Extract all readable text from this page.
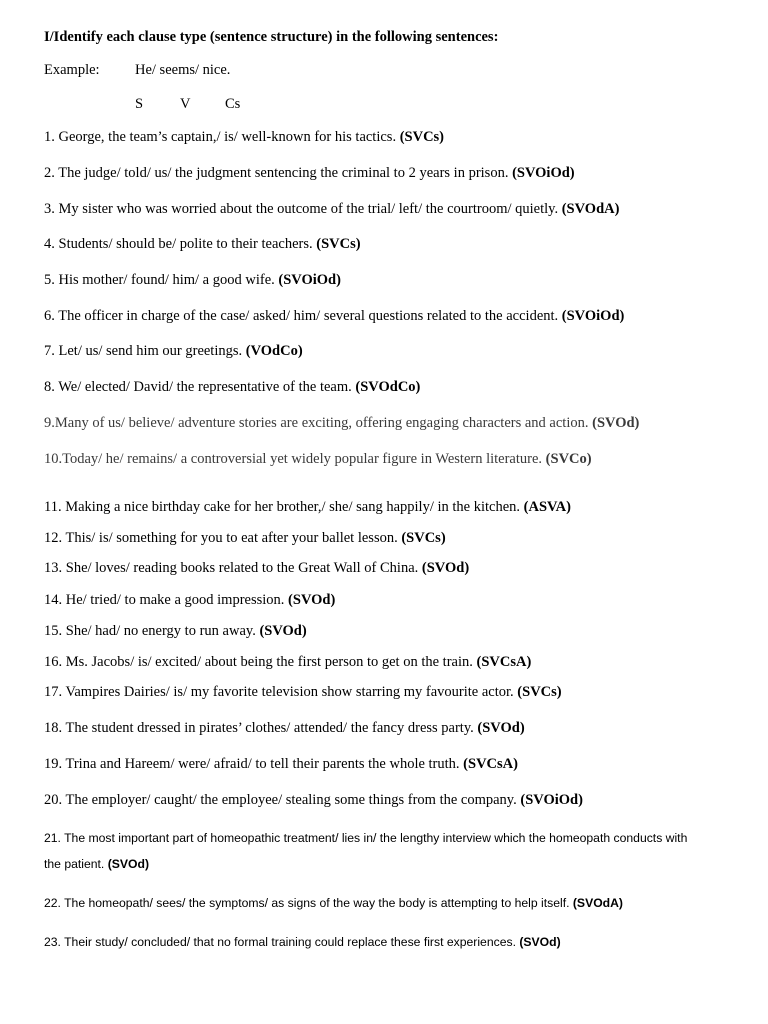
I/Identify each clause type (sentence structure) in the following sentences:
Example: He/ seems/ nice.
S	V Cs
1. George, the team’s captain,/ is/ well-known for his tactics. (SVCs)
2. The judge/ told/ us/ the judgment sentencing the criminal to 2 years in prison. (SVOiOd)
3. My sister who was worried about the outcome of the trial/ left/ the courtroom/ quietly. (SVOdA)
4. Students/ should be/ polite to their teachers. (SVCs)
5. His mother/ found/ him/ a good wife. (SVOiOd)
6. The officer in charge of the case/ asked/ him/ several questions related to the accident. (SVOiOd)
7. Let/ us/ send him our greetings. (VOdCo)
8. We/ elected/ David/ the representative of the team. (SVOdCo)
9.Many of us/ believe/ adventure stories are exciting, offering engaging characters and action. (SVOd)
10.Today/ he/ remains/ a controversial yet widely popular figure in Western literature. (SVCo)
11. Making a nice birthday cake for her brother,/ she/ sang happily/ in the kitchen. (ASVA)
12. This/ is/ something for you to eat after your ballet lesson. (SVCs)
13. She/ loves/ reading books related to the Great Wall of China. (SVOd)
14. He/ tried/ to make a good impression. (SVOd)
15. She/ had/ no energy to run away. (SVOd)
16. Ms. Jacobs/ is/ excited/ about being the first person to get on the train. (SVCsA)
17. Vampires Dairies/ is/ my favorite television show starring my favourite actor. (SVCs)
18. The student dressed in pirates’ clothes/ attended/ the fancy dress party. (SVOd)
19. Trina and Hareem/ were/ afraid/ to tell their parents the whole truth. (SVCsA)
20. The employer/ caught/ the employee/ stealing some things from the company. (SVOiOd)
21. The most important part of homeopathic treatment/ lies in/ the lengthy interview which the homeopath conducts with
the patient. (SVOd)
22. The homeopath/ sees/ the symptoms/ as signs of the way the body is attempting to help itself. (SVOdA)
23. Their study/ concluded/ that no formal training could replace these first experiences. (SVOd)
